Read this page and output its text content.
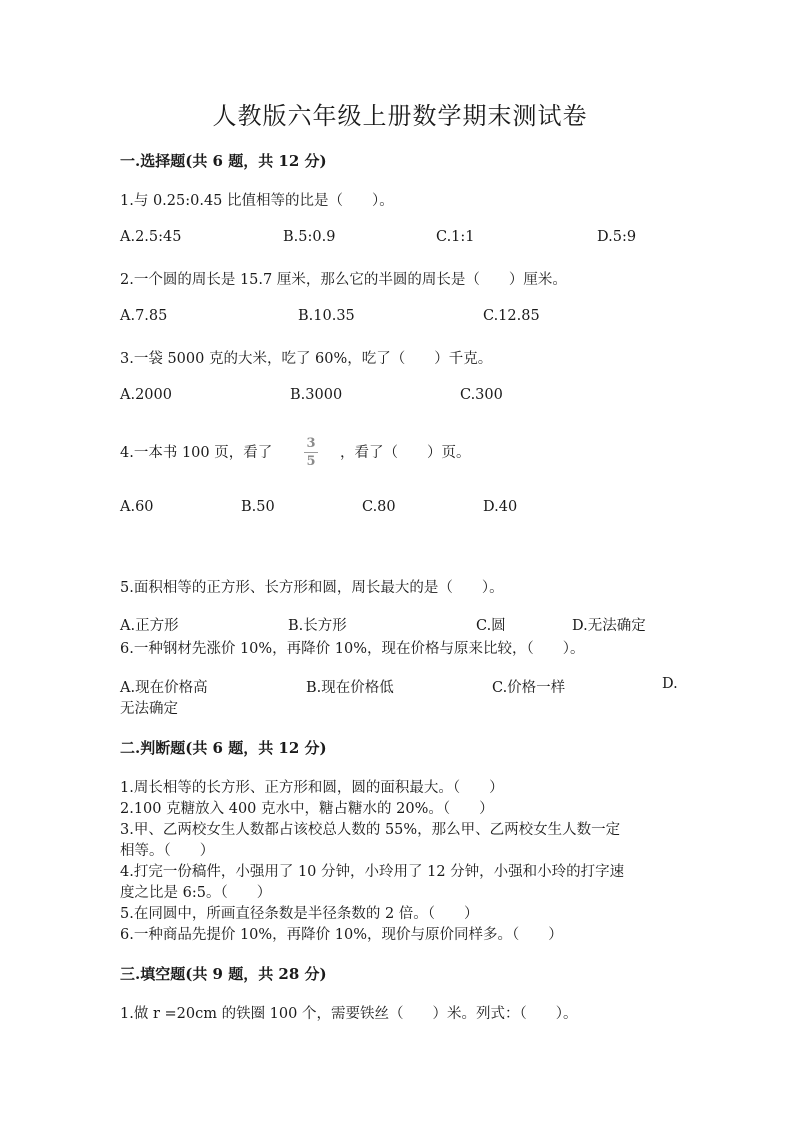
人教版六年级上册数学期末测试卷
一.选择题(共 6 题，共 12 分)
1.与 0.25:0.45 比值相等的比是（　　）。
A.2.5:45	B.5:0.9	C.1:1	D.5:9
2.一个圆的周长是 15.7 厘米，那么它的半圆的周长是（　　）厘米。
A.7.85	B.10.35	C.12.85
3.一袋 5000 克的大米，吃了 60%，吃了（　　）千克。
A.2000	B.3000	C.300
4.一本书 100 页，看了
3
5
，看了（　　）页。
A.60	B.50	C.80	D.40
5.面积相等的正方形、长方形和圆，周长最大的是（　　）。
A.正方形	B.长方形	C.圆	D.无法确定
6.一种钢材先涨价 10%，再降价 10%，现在价格与原来比较，（　　）。
A.现在价格高	B.现在价格低	C.价格一样	D.
无法确定
二.判断题(共 6 题，共 12 分)
1.周长相等的长方形、正方形和圆，圆的面积最大。（　　）
2.100 克糖放入 400 克水中，糖占糖水的 20%。（　　）
3.甲、乙两校女生人数都占该校总人数的 55%，那么甲、乙两校女生人数一定
相等。（　　）
4.打完一份稿件，小强用了 10 分钟，小玲用了 12 分钟，小强和小玲的打字速
度之比是 6:5。（　　）
5.在同圆中，所画直径条数是半径条数的 2 倍。（　　）
6.一种商品先提价 10%，再降价 10%，现价与原价同样多。（　　）
三.填空题(共 9 题，共 28 分)
1.做 r =20cm 的铁圈 100 个，需要铁丝（　　）米。列式：（　　）。
